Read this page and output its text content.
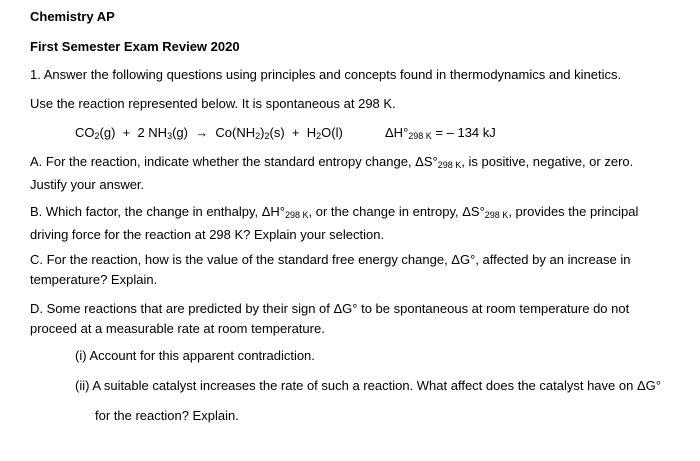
Chemistry AP
First Semester Exam Review 2020
1. Answer the following questions using principles and concepts found in thermodynamics and kinetics.
Use the reaction represented below. It is spontaneous at 298 K.
$CO_2(g) + 2$ $NH_3(g) \to Co(NH_2)_2(s) + H_2O(l)$	ΔH°298 K = – 134 kJ
A. For the reaction, indicate whether the standard entropy change, ΔS°298 K, is positive, negative, or zero.
Justify your answer.
B. Which factor, the change in enthalpy, ΔH°298 K, or the change in entropy, ΔS°298 K, provides the principal
driving force for the reaction at 298 K? Explain your selection.
C. For the reaction, how is the value of the standard free energy change, ΔG°, affected by an increase in
temperature? Explain.
D. Some reactions that are predicted by their sign of ΔG° to be spontaneous at room temperature do not
proceed at a measurable rate at room temperature.
(i) Account for this apparent contradiction.
(ii) A suitable catalyst increases the rate of such a reaction. What affect does the catalyst have on ΔG°
for the reaction? Explain.
